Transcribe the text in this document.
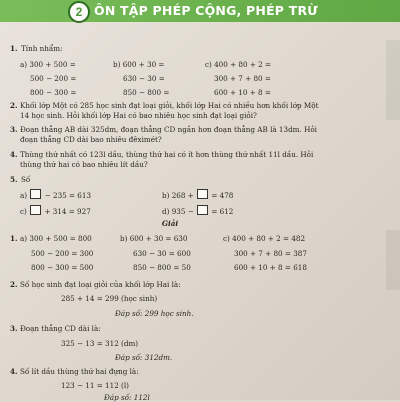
2 ÔN TẬP PHÉP CỘNG, PHÉP TRỪ
1. Tính nhẩm:
a) 300 + 500 =
500 − 200 =
800 − 300 =
b) 600 + 30 =
630 − 30 =
850 − 800 =
c) 400 + 80 + 2 =
300 + 7 + 80 =
600 + 10 + 8 =
2. Khối lớp Một có 285 học sinh đạt loại giỏi, khối lớp Hai có nhiều hơn khối lớp Một
14 học sinh. Hỏi khối lớp Hai có bao nhiêu học sinh đạt loại giỏi?
3. Đoạn thẳng AB dài 325dm, đoạn thẳng CD ngắn hơn đoạn thẳng AB là 13dm. Hỏi
đoạn thẳng CD dài bao nhiêu đêximét?
4. Thùng thứ nhất có 123l dầu, thùng thứ hai có ít hơn thùng thứ nhất 11l dầu. Hỏi
thùng thứ hai có bao nhiêu lít dầu?
5. Số
a) − 235 = 613	b) 268 + = 478
c) + 314 = 927	d) 935 − = 612
Giải
1. a) 300 + 500 = 800
500 − 200 = 300
800 − 300 = 500
b) 600 + 30 = 630
630 − 30 = 600
850 − 800 = 50
c) 400 + 80 + 2 = 482
300 + 7 + 80 = 387
600 + 10 + 8 = 618
2. Số học sinh đạt loại giỏi của khối lớp Hai là:
285 + 14 = 299 (học sinh)
Đáp số: 299 học sinh.
3. Đoạn thẳng CD dài là:
325 − 13 = 312 (dm)
Đáp số: 312dm.
4. Số lít dầu thùng thứ hai đựng là:
123 − 11 = 112 (l)
Đáp số: 112l
